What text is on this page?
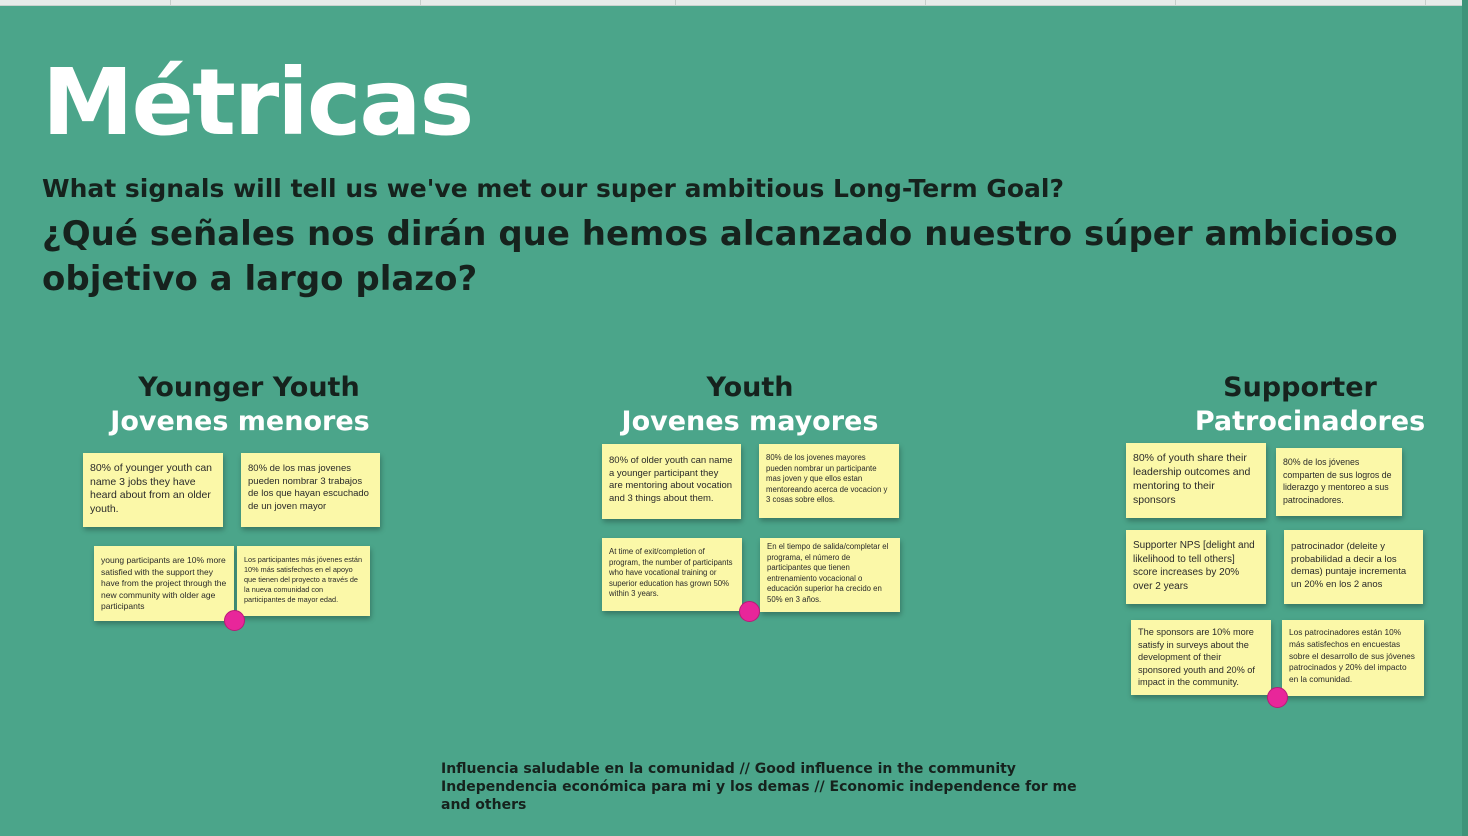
Métricas
What signals will tell us we've met our super ambitious Long-Term Goal?
¿Qué señales nos dirán que hemos alcanzado nuestro súper ambicioso objetivo a largo plazo?
Younger Youth
Jovenes menores
80% of younger youth can name 3 jobs they have heard about from an older youth.
80% de los mas jovenes pueden nombrar 3 trabajos de los que hayan escuchado de un joven mayor
young participants are 10% more satisfied with the support they have from the project through the new community with older age participants
Los participantes más jóvenes están 10% más satisfechos en el apoyo que tienen del proyecto a través de la nueva comunidad con participantes de mayor edad.
Youth
Jovenes mayores
80% of older youth can name a younger participant they are mentoring about vocation and 3 things about them.
80% de los jovenes mayores pueden nombrar un participante mas joven y que ellos estan mentoreando acerca de vocacion y 3 cosas sobre ellos.
At time of exit/completion of program, the number of participants who have vocational training or superior education has grown 50% within 3 years.
En el tiempo de salida/completar el programa, el número de participantes que tienen entrenamiento vocacional o educación superior ha crecido en 50% en 3 años.
Supporter
Patrocinadores
80% of youth share their leadership outcomes and mentoring to their sponsors
80% de los jóvenes comparten de sus logros de liderazgo y mentoreo a sus patrocinadores.
Supporter NPS [delight and likelihood to tell others] score increases by 20% over 2 years
patrocinador (deleite y probabilidad a decir a los demas) puntaje incrementa un 20% en los 2 anos
The sponsors are 10% more satisfy in surveys about the development of their sponsored youth and 20% of impact in the community.
Los patrocinadores están 10% más satisfechos en encuestas sobre el desarrollo de sus jóvenes patrocinados y 20% del impacto en la comunidad.
Influencia saludable en la comunidad // Good influence in the community
Independencia económica para mi y los demas // Economic independence for me and others
